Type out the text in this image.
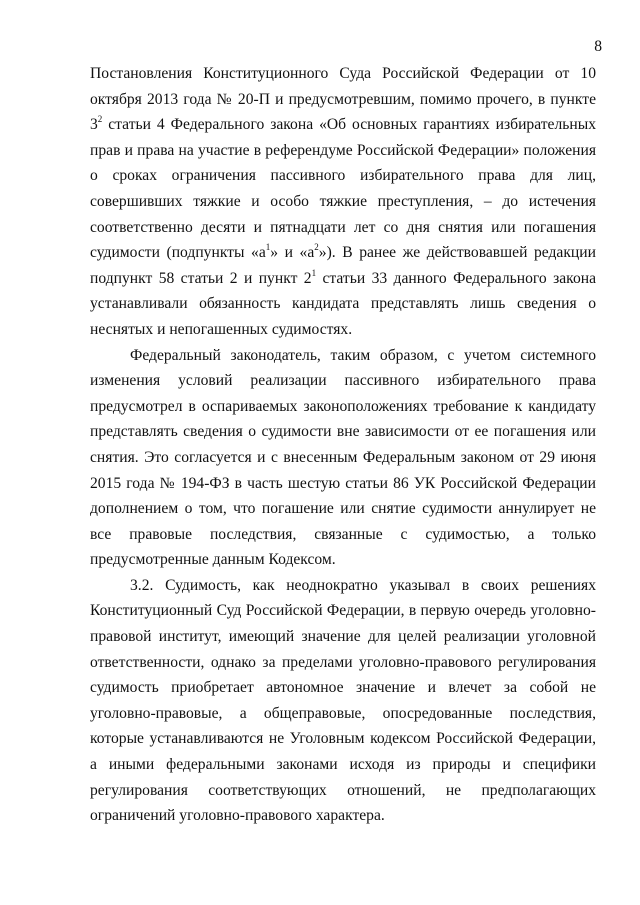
8

Постановления Конституционного Суда Российской Федерации от 10 октября 2013 года № 20-П и предусмотревшим, помимо прочего, в пункте $3^2$ статьи 4 Федерального закона «Об основных гарантиях избирательных прав и права на участие в референдуме Российской Федерации» положения о сроках ограничения пассивного избирательного права для лиц, совершивших тяжкие и особо тяжкие преступления, – до истечения соответственно десяти и пятнадцати лет со дня снятия или погашения судимости (подпункты «$а^1$» и «$а^2$»). В ранее же действовавшей редакции подпункт 58 статьи 2 и пункт $2^1$ статьи 33 данного Федерального закона устанавливали обязанность кандидата представлять лишь сведения о неснятых и непогашенных судимостях.

Федеральный законодатель, таким образом, с учетом системного изменения условий реализации пассивного избирательного права предусмотрел в оспариваемых законоположениях требование к кандидату представлять сведения о судимости вне зависимости от ее погашения или снятия. Это согласуется и с внесенным Федеральным законом от 29 июня 2015 года № 194-ФЗ в часть шестую статьи 86 УК Российской Федерации дополнением о том, что погашение или снятие судимости аннулирует не все правовые последствия, связанные с судимостью, а только предусмотренные данным Кодексом.

3.2. Судимость, как неоднократно указывал в своих решениях Конституционный Суд Российской Федерации, в первую очередь уголовно-правовой институт, имеющий значение для целей реализации уголовной ответственности, однако за пределами уголовно-правового регулирования судимость приобретает автономное значение и влечет за собой не уголовно-правовые, а общеправовые, опосредованные последствия, которые устанавливаются не Уголовным кодексом Российской Федерации, а иными федеральными законами исходя из природы и специфики регулирования соответствующих отношений, не предполагающих ограничений уголовно-правового характера.
